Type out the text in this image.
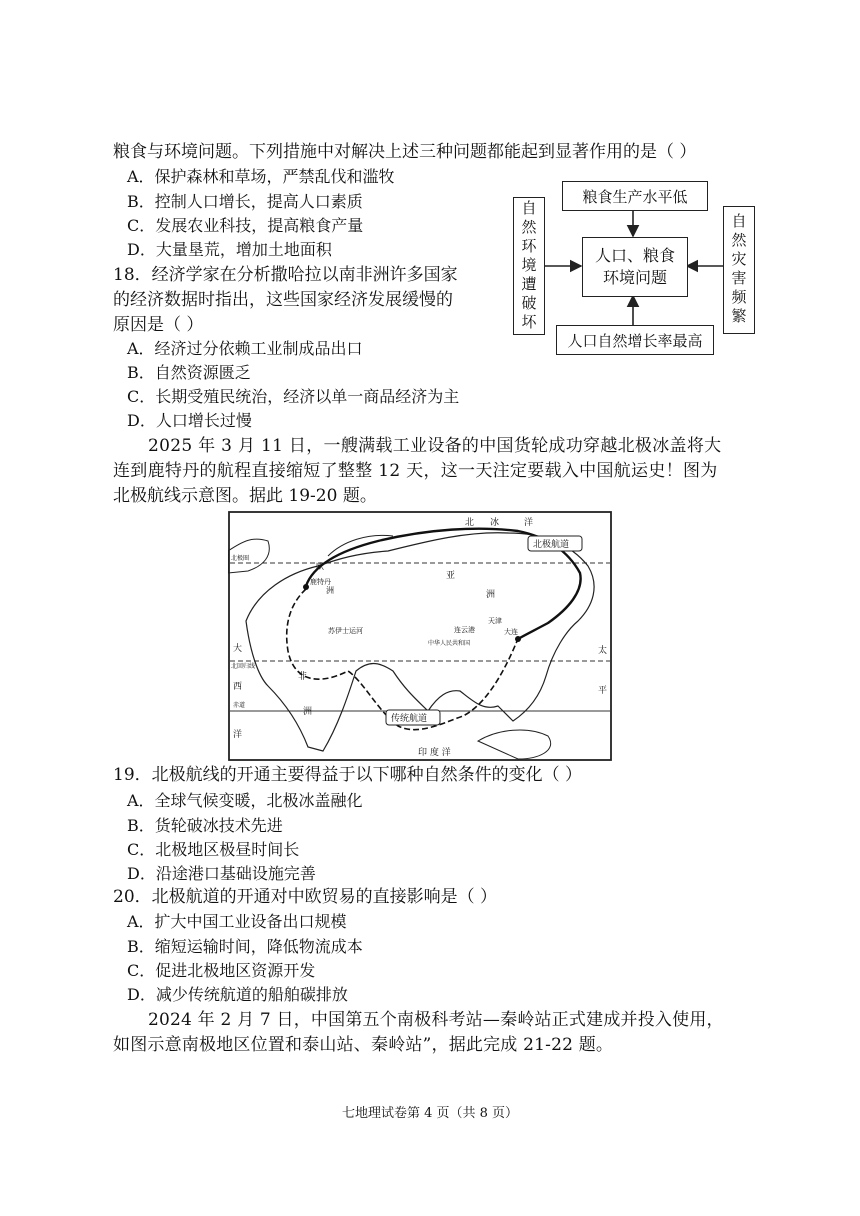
粮食与环境问题。下列措施中对解决上述三种问题都能起到显著作用的是（ ）
A．保护森林和草场，严禁乱伐和滥牧
B．控制人口增长，提高人口素质
C．发展农业科技，提高粮食产量
D．大量垦荒，增加土地面积
粮食生产水平低
人口、粮食
环境问题
人口自然增长率最高
自然环境遭破坏	自然灾害频繁
18．经济学家在分析撒哈拉以南非洲许多国家
的经济数据时指出，这些国家经济发展缓慢的
原因是（ ）
A．经济过分依赖工业制成品出口
B．自然资源匮乏
C．长期受殖民统治，经济以单一商品经济为主
D．人口增长过慢
2025 年 3 月 11 日，一艘满载工业设备的中国货轮成功穿越北极冰盖将大
连到鹿特丹的航程直接缩短了整整 12 天，这一天注定要载入中国航运史！图为
北极航线示意图。据此 19-20 题。
北 冰	洋
北极航道
传统航道
北极圈
北回归线
赤道
鹿特丹
苏伊士运河	大连
中华人民共和国
连云港
天津
亚
洲
欧
洲
非
洲
大
西
洋
太
平
印 度 洋
19．北极航线的开通主要得益于以下哪种自然条件的变化（ ）
A．全球气候变暖，北极冰盖融化
B．货轮破冰技术先进
C．北极地区极昼时间长
D．沿途港口基础设施完善
20．北极航道的开通对中欧贸易的直接影响是（ ）
A．扩大中国工业设备出口规模
B．缩短运输时间，降低物流成本
C．促进北极地区资源开发
D．减少传统航道的船舶碳排放
2024 年 2 月 7 日，中国第五个南极科考站—秦岭站正式建成并投入使用，
如图示意南极地区位置和泰山站、秦岭站”，据此完成 21-22 题。
七地理试卷第 4 页（共 8 页）
